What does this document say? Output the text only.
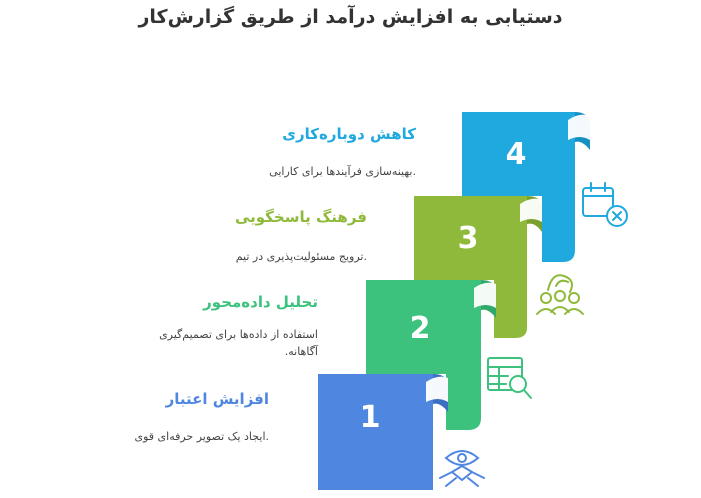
دستیابی به افزایش درآمد از طریق گزارش‌کار
4
3
2
1
کاهش دوباره‌کاری
.بهینه‌سازی فرآیندها برای کارایی
فرهنگ پاسخگویی
.ترویج مسئولیت‌پذیری در تیم
تحلیل داده‌محور
استفاده از داده‌ها برای تصمیم‌گیری آگاهانه.
افزایش اعتبار
.ایجاد یک تصویر حرفه‌ای قوی
